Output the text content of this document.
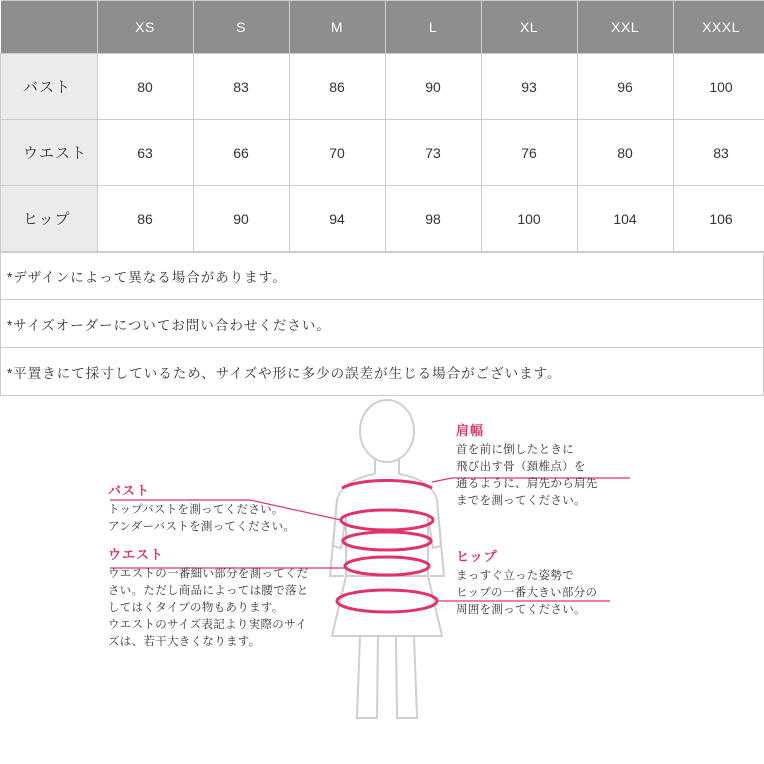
	XS	S	M	L	XL	XXL	XXXL
バスト	80	83	86	90	93	96	100
ウエスト	63	66	70	73	76	80	83
ヒップ	86	90	94	98	100	104	106
*デザインによって異なる場合があります。
*サイズオーダーについてお問い合わせください。
*平置きにて採寸しているため、サイズや形に多少の誤差が生じる場合がございます。
バスト
トップバストを測ってください。
アンダーバストを測ってください。
ウエスト
ウエストの一番細い部分を測ってくだ
さい。ただし商品によっては腰で落と
してはくタイプの物もあります。
ウエストのサイズ表記より実際のサイ
ズは、若干大きくなります。
肩幅
首を前に倒したときに
飛び出す骨（頚椎点）を
通るように、肩先から肩先
までを測ってください。
ヒップ
まっすぐ立った姿勢で
ヒップの一番大きい部分の
周囲を測ってください。
